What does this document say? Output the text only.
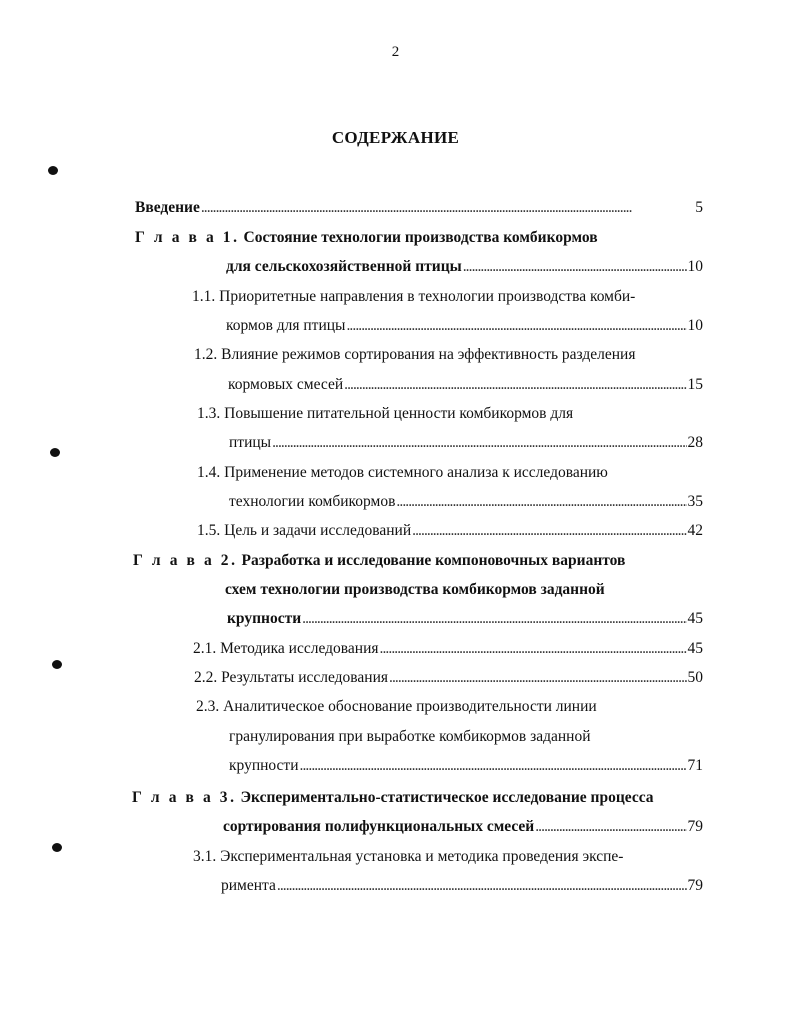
2
СОДЕРЖАНИЕ
Введение . . .	5
Г л а в а 1. Состояние технологии производства комбикормов
для сельскохозяйственной птицы . . .	10
1.1. Приоритетные направления в технологии производства комби-
кормов для птицы . . .	10
1.2. Влияние режимов сортирования на эффективность разделения
кормовых смесей . . .	15
1.3. Повышение питательной ценности комбикормов для
птицы . . .	28
1.4. Применение методов системного анализа к исследованию
технологии комбикормов . . .	35
1.5. Цель и задачи исследований . . .	42
Г л а в а 2. Разработка и исследование компоновочных вариантов
схем технологии производства комбикормов заданной
крупности . . .	45
2.1. Методика исследования . . .	45
2.2. Результаты исследования . . .	50
2.3. Аналитическое обоснование производительности линии
гранулирования при выработке комбикормов заданной
крупности . . .	71
Г л а в а 3. Экспериментально-статистическое исследование процесса
сортирования полифункциональных смесей . . .	79
3.1. Экспериментальная установка и методика проведения экспе-
римента . . .	79
